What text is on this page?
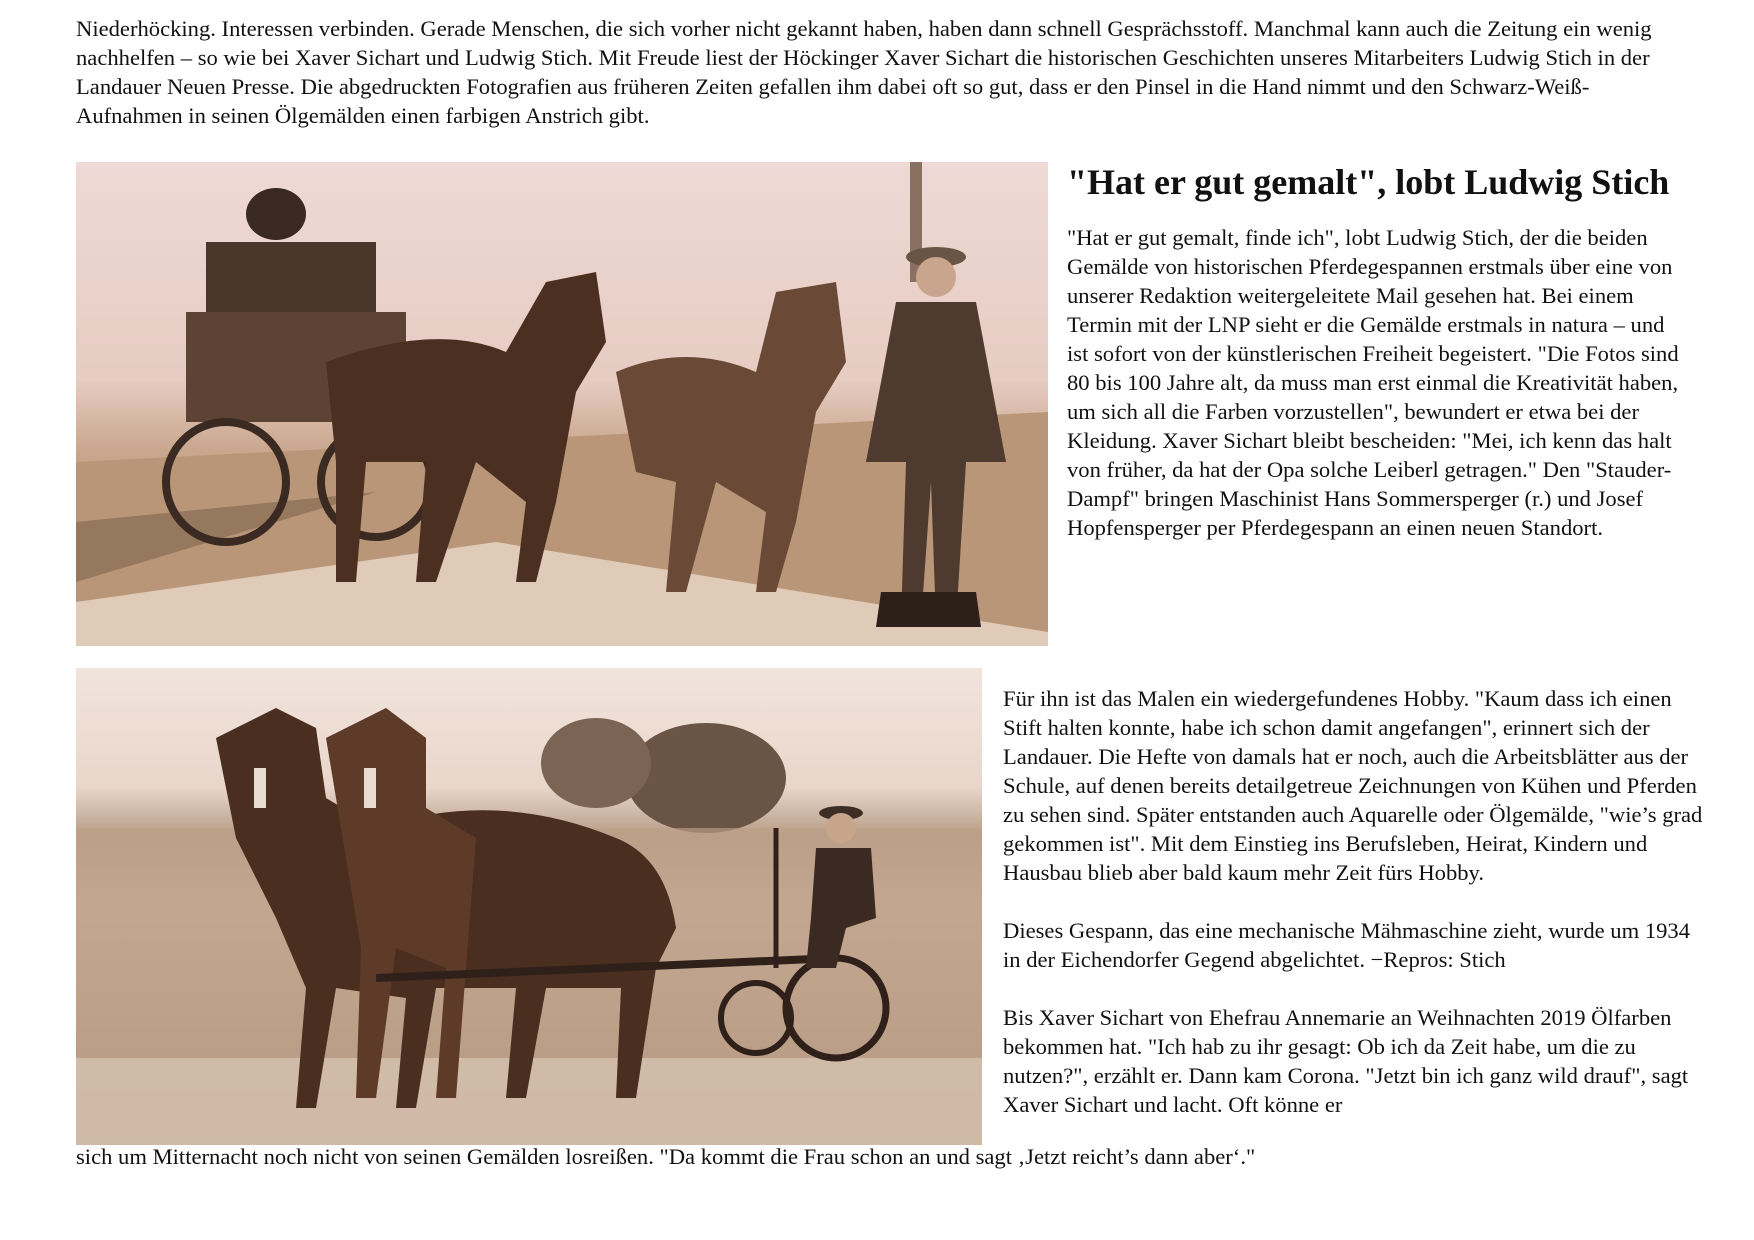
Niederhöcking. Interessen verbinden. Gerade Menschen, die sich vorher nicht gekannt haben, haben dann schnell Gesprächsstoff. Manchmal kann auch die Zeitung ein wenig nachhelfen – so wie bei Xaver Sichart und Ludwig Stich. Mit Freude liest der Höckinger Xaver Sichart die historischen Geschichten unseres Mitarbeiters Ludwig Stich in der Landauer Neuen Presse. Die abgedruckten Fotografien aus früheren Zeiten gefallen ihm dabei oft so gut, dass er den Pinsel in die Hand nimmt und den Schwarz-Weiß-Aufnahmen in seinen Ölgemälden einen farbigen Anstrich gibt.

"Hat er gut gemalt", lobt Ludwig Stich

"Hat er gut gemalt, finde ich", lobt Ludwig Stich, der die beiden Gemälde von historischen Pferdegespannen erstmals über eine von unserer Redaktion weitergeleitete Mail gesehen hat. Bei einem Termin mit der LNP sieht er die Gemälde erstmals in natura – und ist sofort von der künstlerischen Freiheit begeistert. "Die Fotos sind 80 bis 100 Jahre alt, da muss man erst einmal die Kreativität haben, um sich all die Farben vorzustellen", bewundert er etwa bei der Kleidung. Xaver Sichart bleibt bescheiden: "Mei, ich kenn das halt von früher, da hat der Opa solche Leiberl getragen." Den "Stauder-Dampf" bringen Maschinist Hans Sommersperger (r.) und Josef Hopfensperger per Pferdegespann an einen neuen Standort.

Für ihn ist das Malen ein wiedergefundenes Hobby. "Kaum dass ich einen Stift halten konnte, habe ich schon damit angefangen", erinnert sich der Landauer. Die Hefte von damals hat er noch, auch die Arbeitsblätter aus der Schule, auf denen bereits detailgetreue Zeichnungen von Kühen und Pferden zu sehen sind. Später entstanden auch Aquarelle oder Ölgemälde, "wie’s grad gekommen ist". Mit dem Einstieg ins Berufsleben, Heirat, Kindern und Hausbau blieb aber bald kaum mehr Zeit fürs Hobby.

Dieses Gespann, das eine mechanische Mähmaschine zieht, wurde um 1934 in der Eichendorfer Gegend abgelichtet. −Repros: Stich

Bis Xaver Sichart von Ehefrau Annemarie an Weihnachten 2019 Ölfarben bekommen hat. "Ich hab zu ihr gesagt: Ob ich da Zeit habe, um die zu nutzen?", erzählt er. Dann kam Corona. "Jetzt bin ich ganz wild drauf", sagt Xaver Sichart und lacht. Oft könne er

sich um Mitternacht noch nicht von seinen Gemälden losreißen. "Da kommt die Frau schon an und sagt ‚Jetzt reicht’s dann aber‘."
